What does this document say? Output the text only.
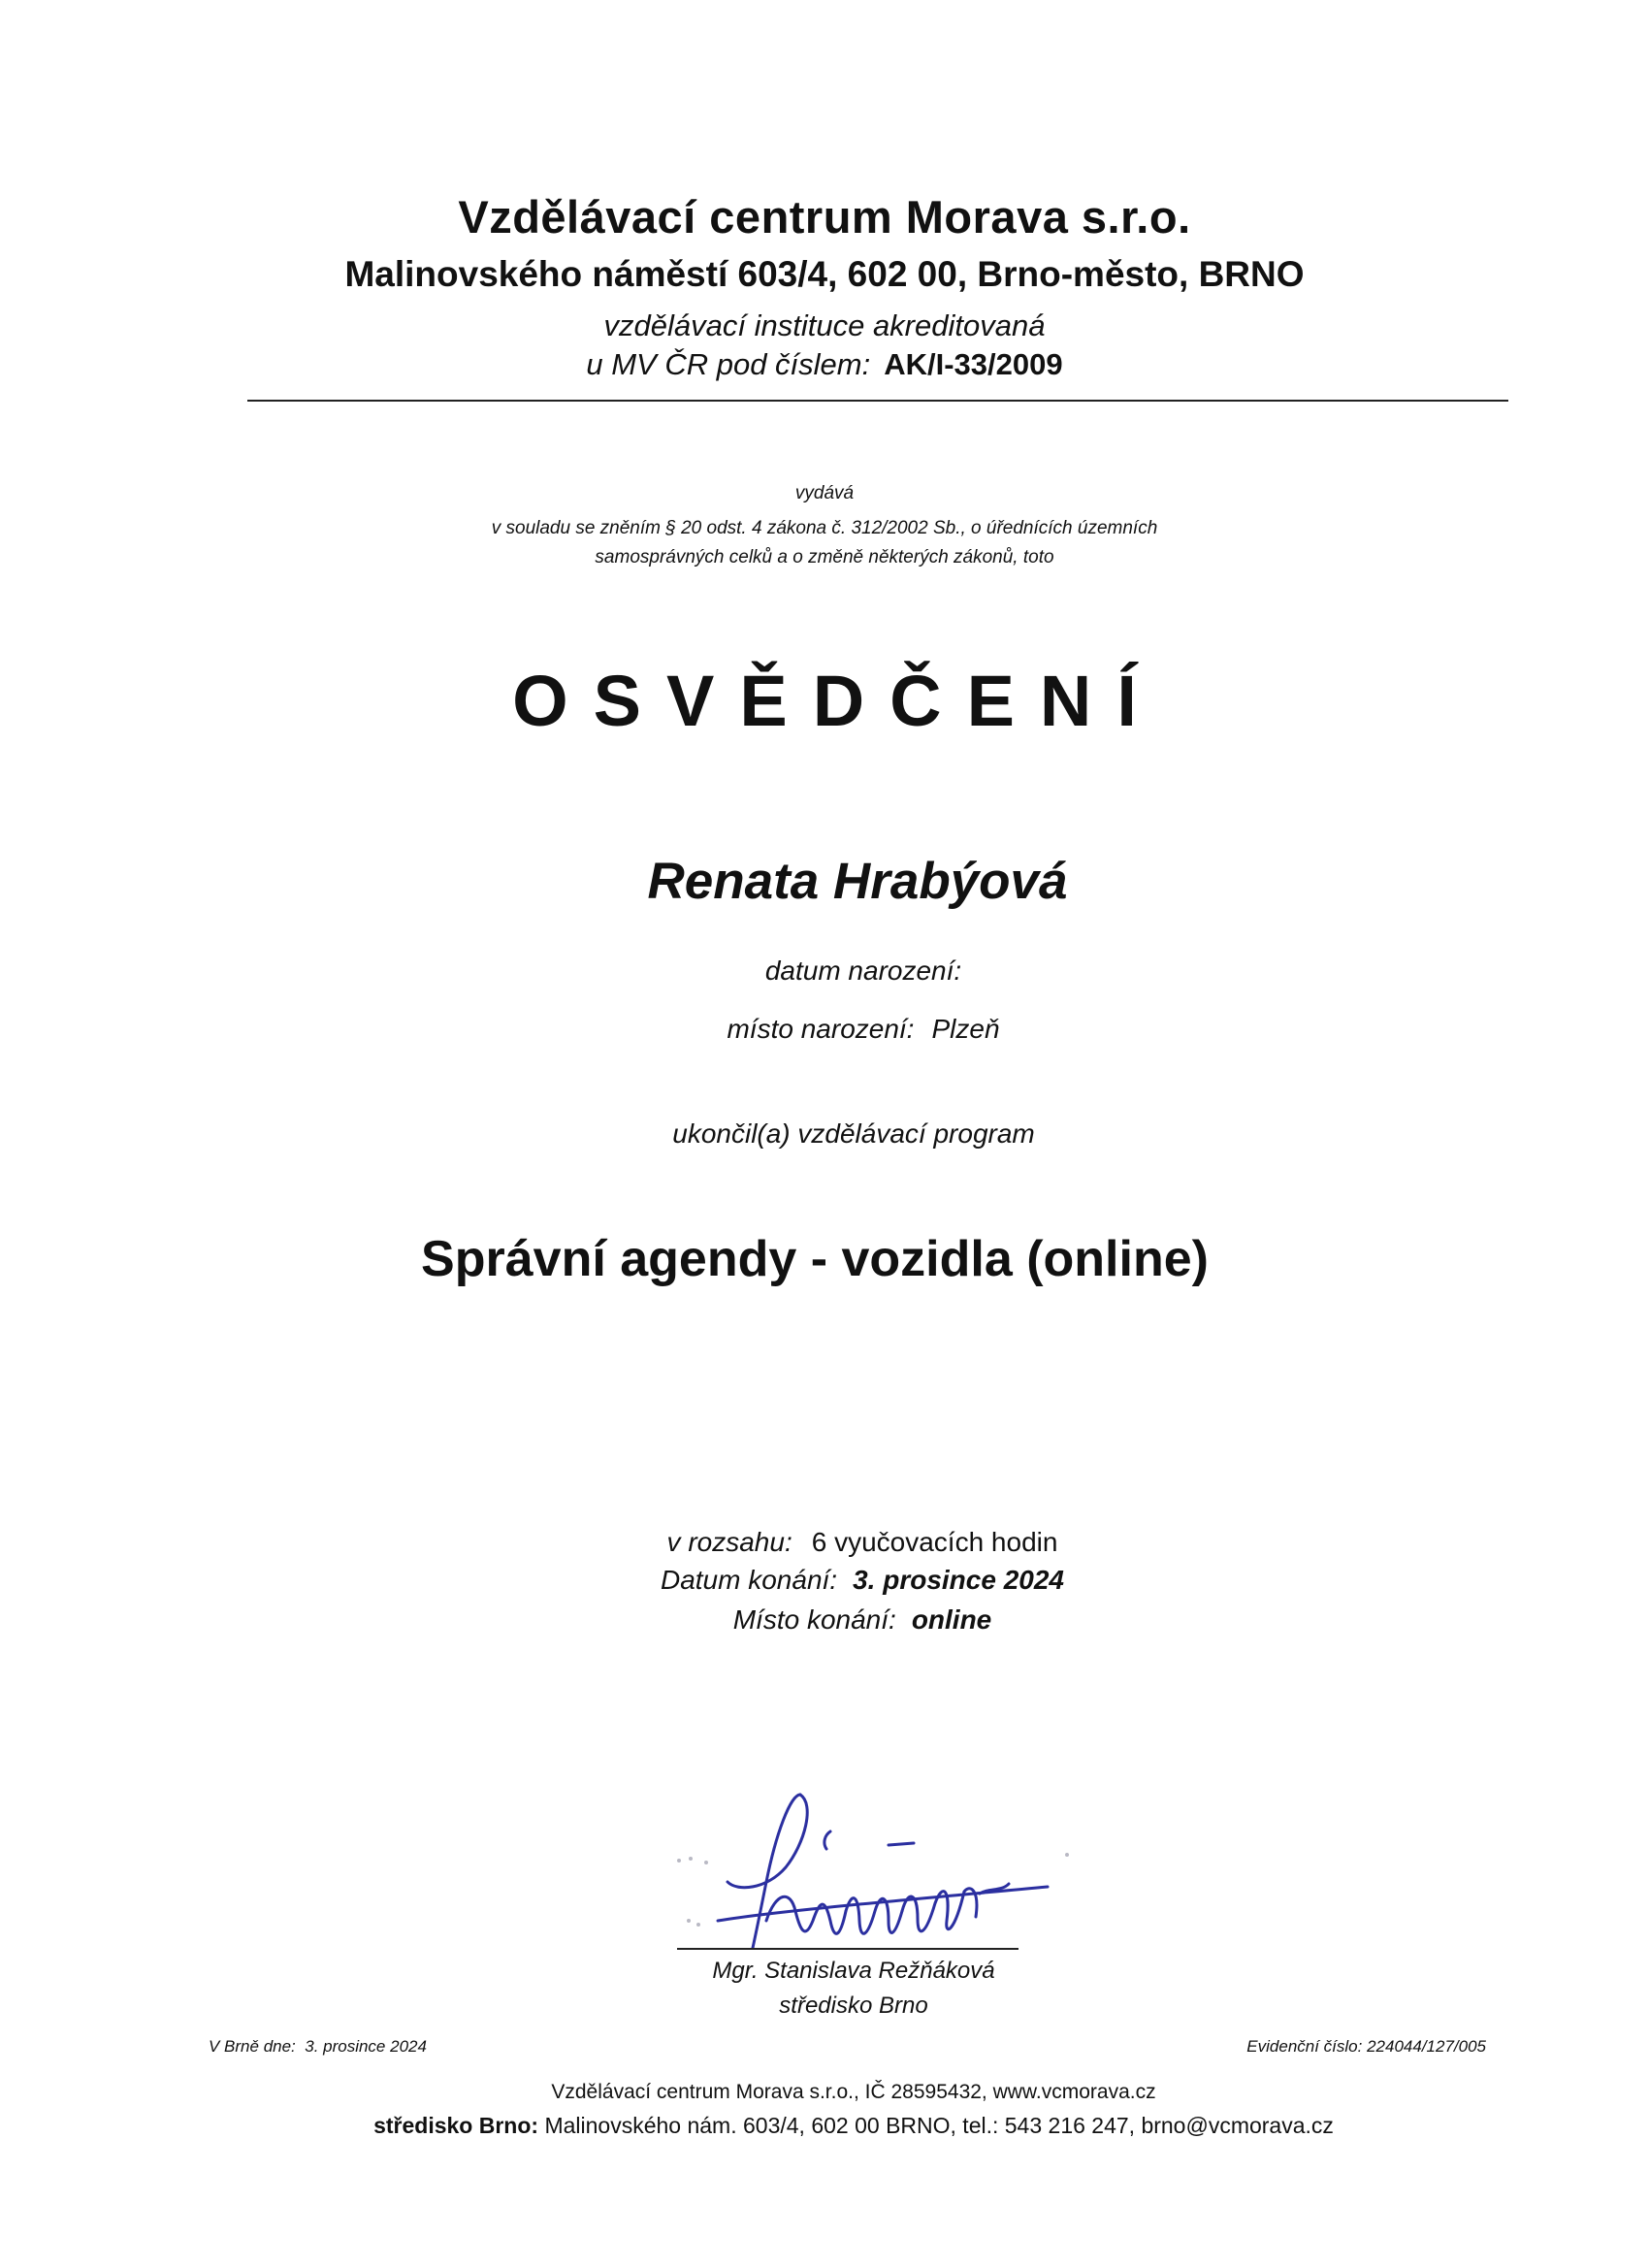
Vzdělávací centrum Morava s.r.o.
Malinovského náměstí 603/4, 602 00, Brno-město, BRNO
vzdělávací instituce akreditovaná
u MV ČR pod číslem: AK/I-33/2009
vydává
v souladu se zněním § 20 odst. 4 zákona č. 312/2002 Sb., o úřednících územních
samosprávných celků a o změně některých zákonů, toto
OSVĚDČENÍ
Renata Hrabýová
datum narození:
místo narození: Plzeň
ukončil(a) vzdělávací program
Správní agendy - vozidla (online)
v rozsahu: 6 vyučovacích hodin
Datum konání: 3. prosince 2024
Místo konání: online
Mgr. Stanislava Režňáková
středisko Brno
V Brně dne: 3. prosince 2024	Evidenční číslo: 224044/127/005
Vzdělávací centrum Morava s.r.o., IČ 28595432, www.vcmorava.cz
středisko Brno: Malinovského nám. 603/4, 602 00 BRNO, tel.: 543 216 247, brno@vcmorava.cz
